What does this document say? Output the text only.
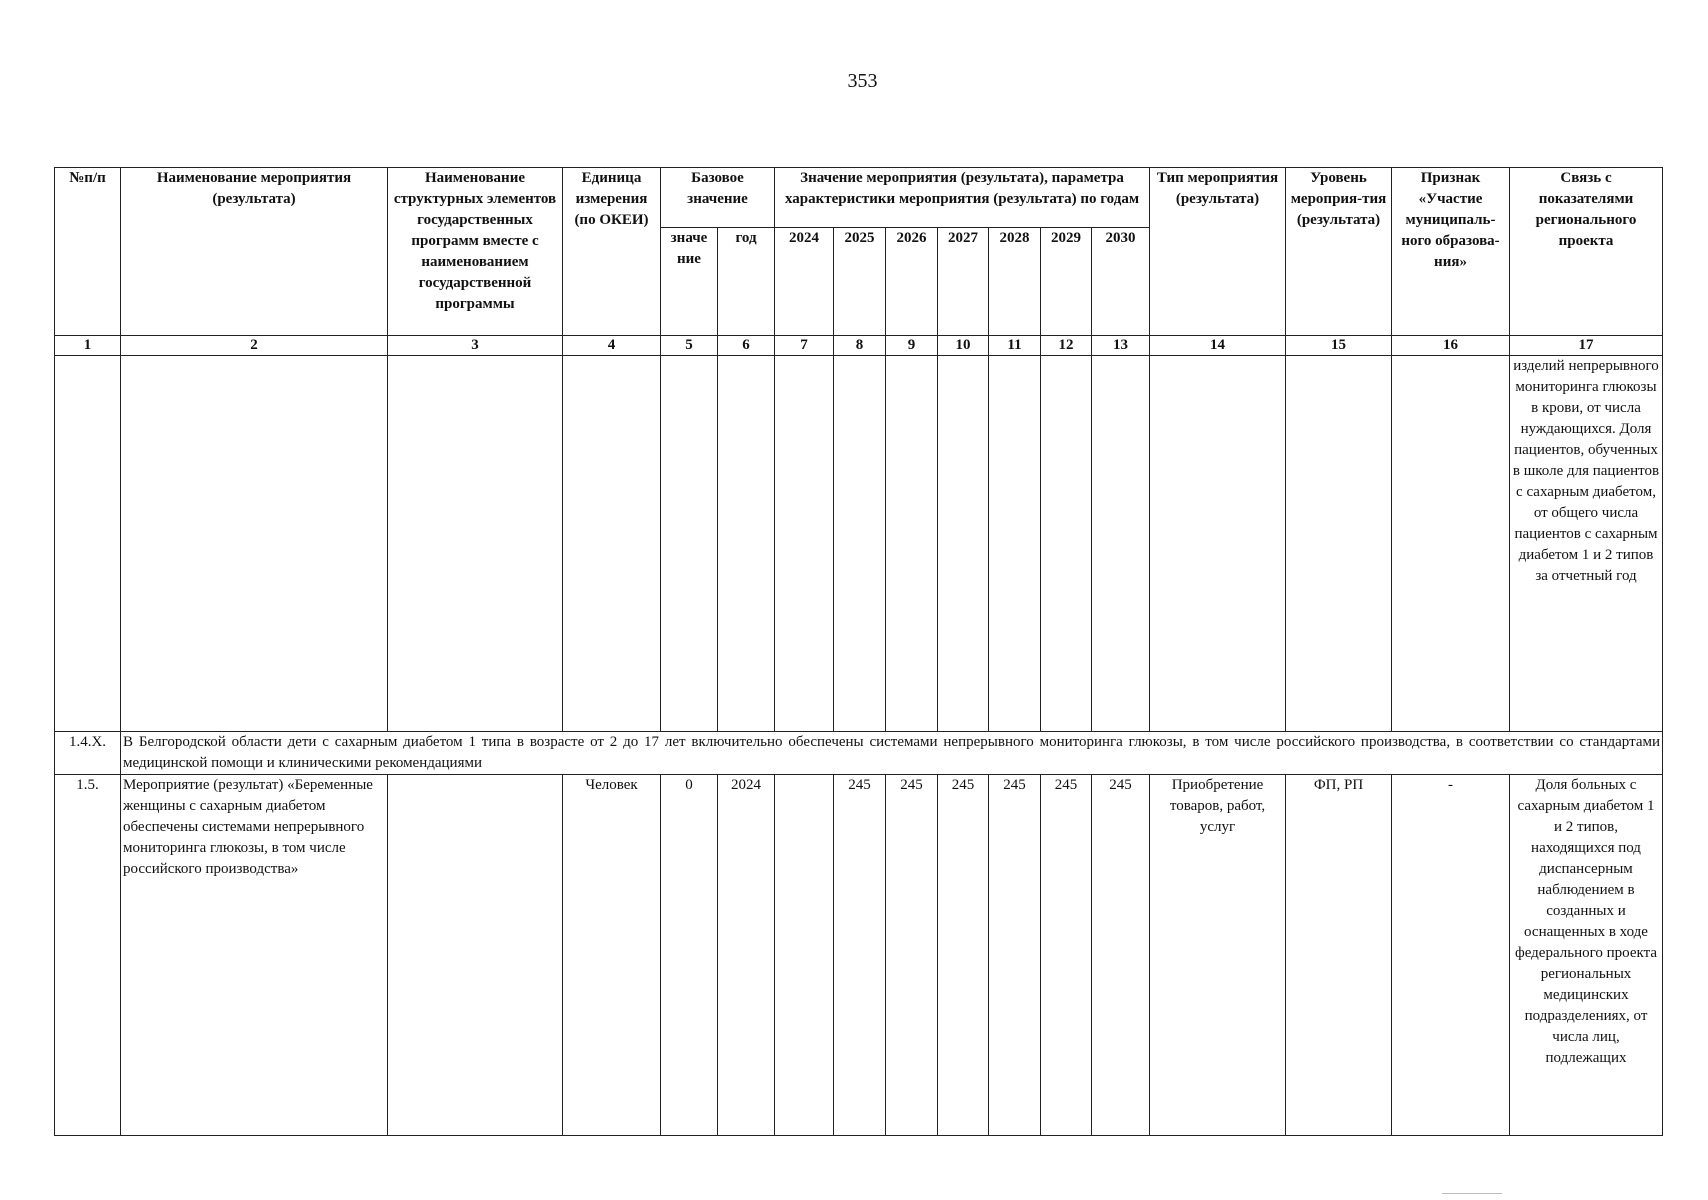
353
№п/п	Наименование мероприятия (результата)	Наименование структурных элементов государственных программ вместе с наименованием государственной программы	Единица измерения (по ОКЕИ)	Базовое значение		Значение мероприятия (результата), параметра характеристики мероприятия (результата) по годам							Тип мероприятия (результата)	Уровень мероприя-тия (результата)	Признак «Участие муниципаль-ного образова-ния»	Связь с показателями регионального проекта
				значе ние	год	2024	2025	2026	2027	2028	2029	2030				
1	2	3	4	5	6	7	8	9	10	11	12	13	14	15	16	17
																изделий непрерывного мониторинга глюкозы в крови, от числа нуждающихся. Доля пациентов, обученных в школе для пациентов с сахарным диабетом, от общего числа пациентов с сахарным диабетом 1 и 2 типов за отчетный год
1.4.X.	В Белгородской области дети с сахарным диабетом 1 типа в возрасте от 2 до 17 лет включительно обеспечены системами непрерывного мониторинга глюкозы, в том числе российского производства, в соответствии со стандартами медицинской помощи и клиническими рекомендациями															
1.5.	Мероприятие (результат) «Беременные женщины с сахарным диабетом обеспечены системами непрерывного мониторинга глюкозы, в том числе российского производства»		Человек	0	2024		245	245	245	245	245	245	Приобретение товаров, работ, услуг	ФП, РП	-	Доля больных с сахарным диабетом 1 и 2 типов, находящихся под диспансерным наблюдением в созданных и оснащенных в ходе федерального проекта региональных медицинских подразделениях, от числа лиц, подлежащих
